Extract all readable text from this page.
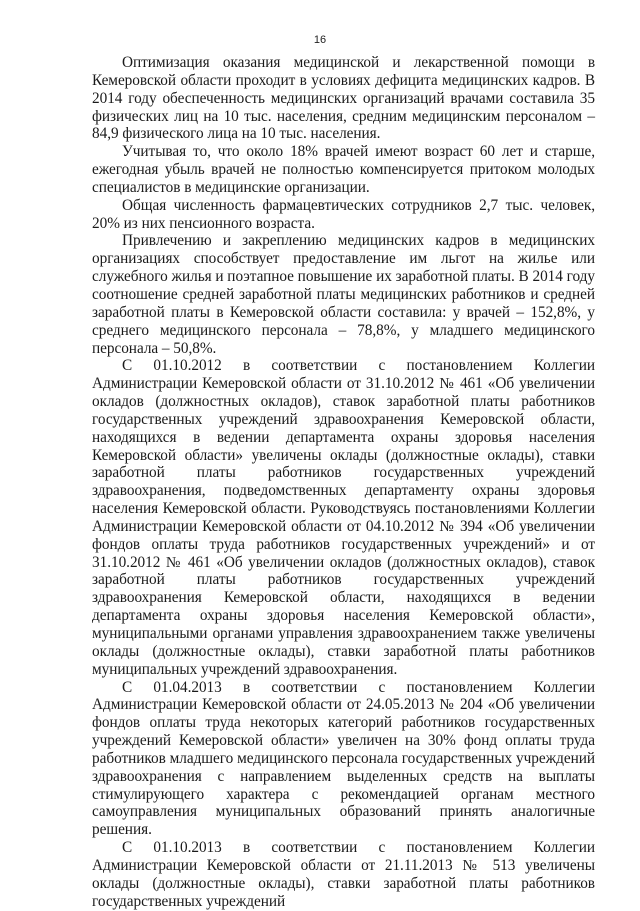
16

Оптимизация оказания медицинской и лекарственной помощи в Кемеровской области проходит в условиях дефицита медицинских кадров. В 2014 году обеспеченность медицинских организаций врачами составила 35 физических лиц на 10 тыс. населения, средним медицинским персоналом – 84,9 физического лица на 10 тыс. населения.

Учитывая то, что около 18% врачей имеют возраст 60 лет и старше, ежегодная убыль врачей не полностью компенсируется притоком молодых специалистов в медицинские организации.

Общая численность фармацевтических сотрудников 2,7 тыс. человек, 20% из них пенсионного возраста.

Привлечению и закреплению медицинских кадров в медицинских организациях способствует предоставление им льгот на жилье или служебного жилья и поэтапное повышение их заработной платы. В 2014 году соотношение средней заработной платы медицинских работников и средней заработной платы в Кемеровской области составила: у врачей – 152,8%, у среднего медицинского персонала – 78,8%, у младшего медицинского персонала – 50,8%.

С 01.10.2012 в соответствии с постановлением Коллегии Администрации Кемеровской области от 31.10.2012 № 461 «Об увеличении окладов (должностных окладов), ставок заработной платы работников государственных учреждений здравоохранения Кемеровской области, находящихся в ведении департамента охраны здоровья населения Кемеровской области» увеличены оклады (должностные оклады), ставки заработной платы работников государственных учреждений здравоохранения, подведомственных департаменту охраны здоровья населения Кемеровской области. Руководствуясь постановлениями Коллегии Администрации Кемеровской области от 04.10.2012 № 394 «Об увеличении фондов оплаты труда работников государственных учреждений» и от 31.10.2012 № 461 «Об увеличении окладов (должностных окладов), ставок заработной платы работников государственных учреждений здравоохранения Кемеровской области, находящихся в ведении департамента охраны здоровья населения Кемеровской области», муниципальными органами управления здравоохранением также увеличены оклады (должностные оклады), ставки заработной платы работников муниципальных учреждений здравоохранения.

С 01.04.2013 в соответствии с постановлением Коллегии Администрации Кемеровской области от 24.05.2013 № 204 «Об увеличении фондов оплаты труда некоторых категорий работников государственных учреждений Кемеровской области» увеличен на 30% фонд оплаты труда работников младшего медицинского персонала государственных учреждений здравоохранения с направлением выделенных средств на выплаты стимулирующего характера с рекомендацией органам местного самоуправления муниципальных образований принять аналогичные решения.

С 01.10.2013 в соответствии с постановлением Коллегии Администрации Кемеровской области от 21.11.2013 № 513 увеличены оклады (должностные оклады), ставки заработной платы работников государственных учреждений
